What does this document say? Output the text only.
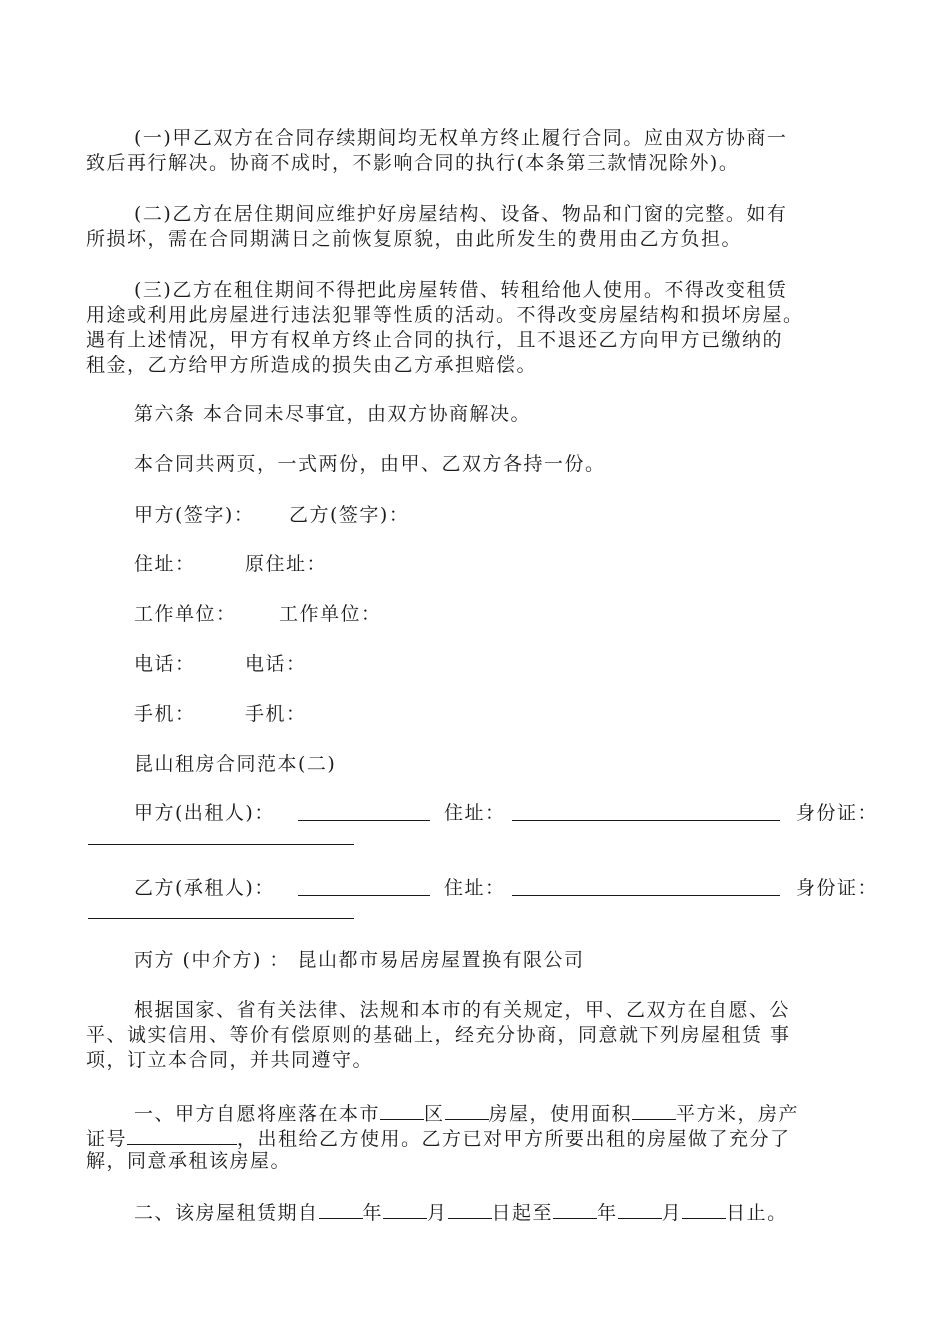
(一)甲乙双方在合同存续期间均无权单方终止履行合同。应由双方协商一
致后再行解决。协商不成时，不影响合同的执行(本条第三款情况除外)。
(二)乙方在居住期间应维护好房屋结构、设备、物品和门窗的完整。如有
所损坏，需在合同期满日之前恢复原貌，由此所发生的费用由乙方负担。
(三)乙方在租住期间不得把此房屋转借、转租给他人使用。不得改变租赁
用途或利用此房屋进行违法犯罪等性质的活动。不得改变房屋结构和损坏房屋。
遇有上述情况，甲方有权单方终止合同的执行，且不退还乙方向甲方已缴纳的
租金，乙方给甲方所造成的损失由乙方承担赔偿。
第六条 本合同未尽事宜，由双方协商解决。
本合同共两页，一式两份，由甲、乙双方各持一份。
甲方(签字)： 乙方(签字)：
住址：	原住址：
工作单位： 工作单位：
电话：	电话：
手机：	手机：
昆山租房合同范本(二)
甲方(出租人)：	住址：	身份证：
乙方(承租人)：	住址：	身份证：
丙方 (中介方) ： 昆山都市易居房屋置换有限公司
根据国家、省有关法律、法规和本市的有关规定，甲、乙双方在自愿、公
平、诚实信用、等价有偿原则的基础上，经充分协商，同意就下列房屋租赁 事
项，订立本合同，并共同遵守。
一、甲方自愿将座落在本市 区 房屋，使用面积 平方米，房产
证号	，出租给乙方使用。乙方已对甲方所要出租的房屋做了充分了
解，同意承租该房屋。
二、该房屋租赁期自 年 月 日起至 年 月 日止。
